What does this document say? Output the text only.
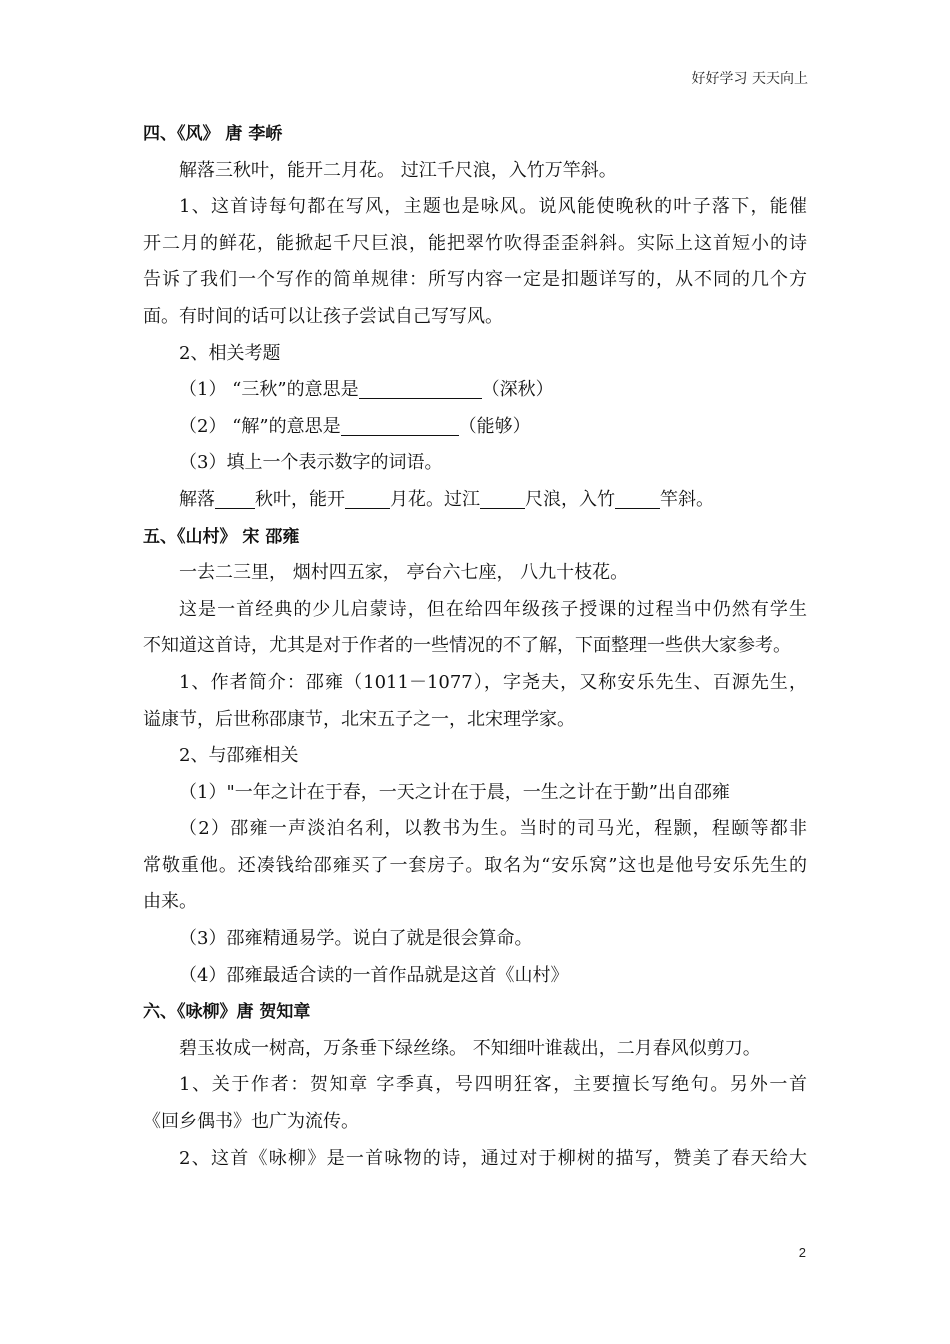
好好学习 天天向上
四、《风》 唐 李峤
解落三秋叶，能开二月花。 过江千尺浪，入竹万竿斜。
1、这首诗每句都在写风，主题也是咏风。说风能使晚秋的叶子落下，能催
开二月的鲜花，能掀起千尺巨浪，能把翠竹吹得歪歪斜斜。实际上这首短小的诗
告诉了我们一个写作的简单规律：所写内容一定是扣题详写的，从不同的几个方
面。有时间的话可以让孩子尝试自己写写风。
2、相关考题
（1） “三秋”的意思是	（深秋）
（2） “解”的意思是	（能够）
（3）填上一个表示数字的词语。
解落 秋叶，能开	月花。过江	尺浪，入竹	竿斜。
五、《山村》 宋 邵雍
一去二三里， 烟村四五家， 亭台六七座， 八九十枝花。
这是一首经典的少儿启蒙诗，但在给四年级孩子授课的过程当中仍然有学生
不知道这首诗，尤其是对于作者的一些情况的不了解，下面整理一些供大家参考。
1、作者简介：邵雍（1011－1077），字尧夫，又称安乐先生、百源先生，
谥康节，后世称邵康节，北宋五子之一，北宋理学家。
2、与邵雍相关
（1）"一年之计在于春，一天之计在于晨，一生之计在于勤”出自邵雍
（2）邵雍一声淡泊名利，以教书为生。当时的司马光，程颢，程颐等都非
常敬重他。还凑钱给邵雍买了一套房子。取名为“安乐窝”这也是他号安乐先生的
由来。
（3）邵雍精通易学。说白了就是很会算命。
（4）邵雍最适合读的一首作品就是这首《山村》
六、《咏柳》唐 贺知章
碧玉妆成一树高，万条垂下绿丝绦。 不知细叶谁裁出，二月春风似剪刀。
1、关于作者：贺知章 字季真，号四明狂客，主要擅长写绝句。另外一首
《回乡偶书》也广为流传。
2、这首《咏柳》是一首咏物的诗，通过对于柳树的描写，赞美了春天给大
2
